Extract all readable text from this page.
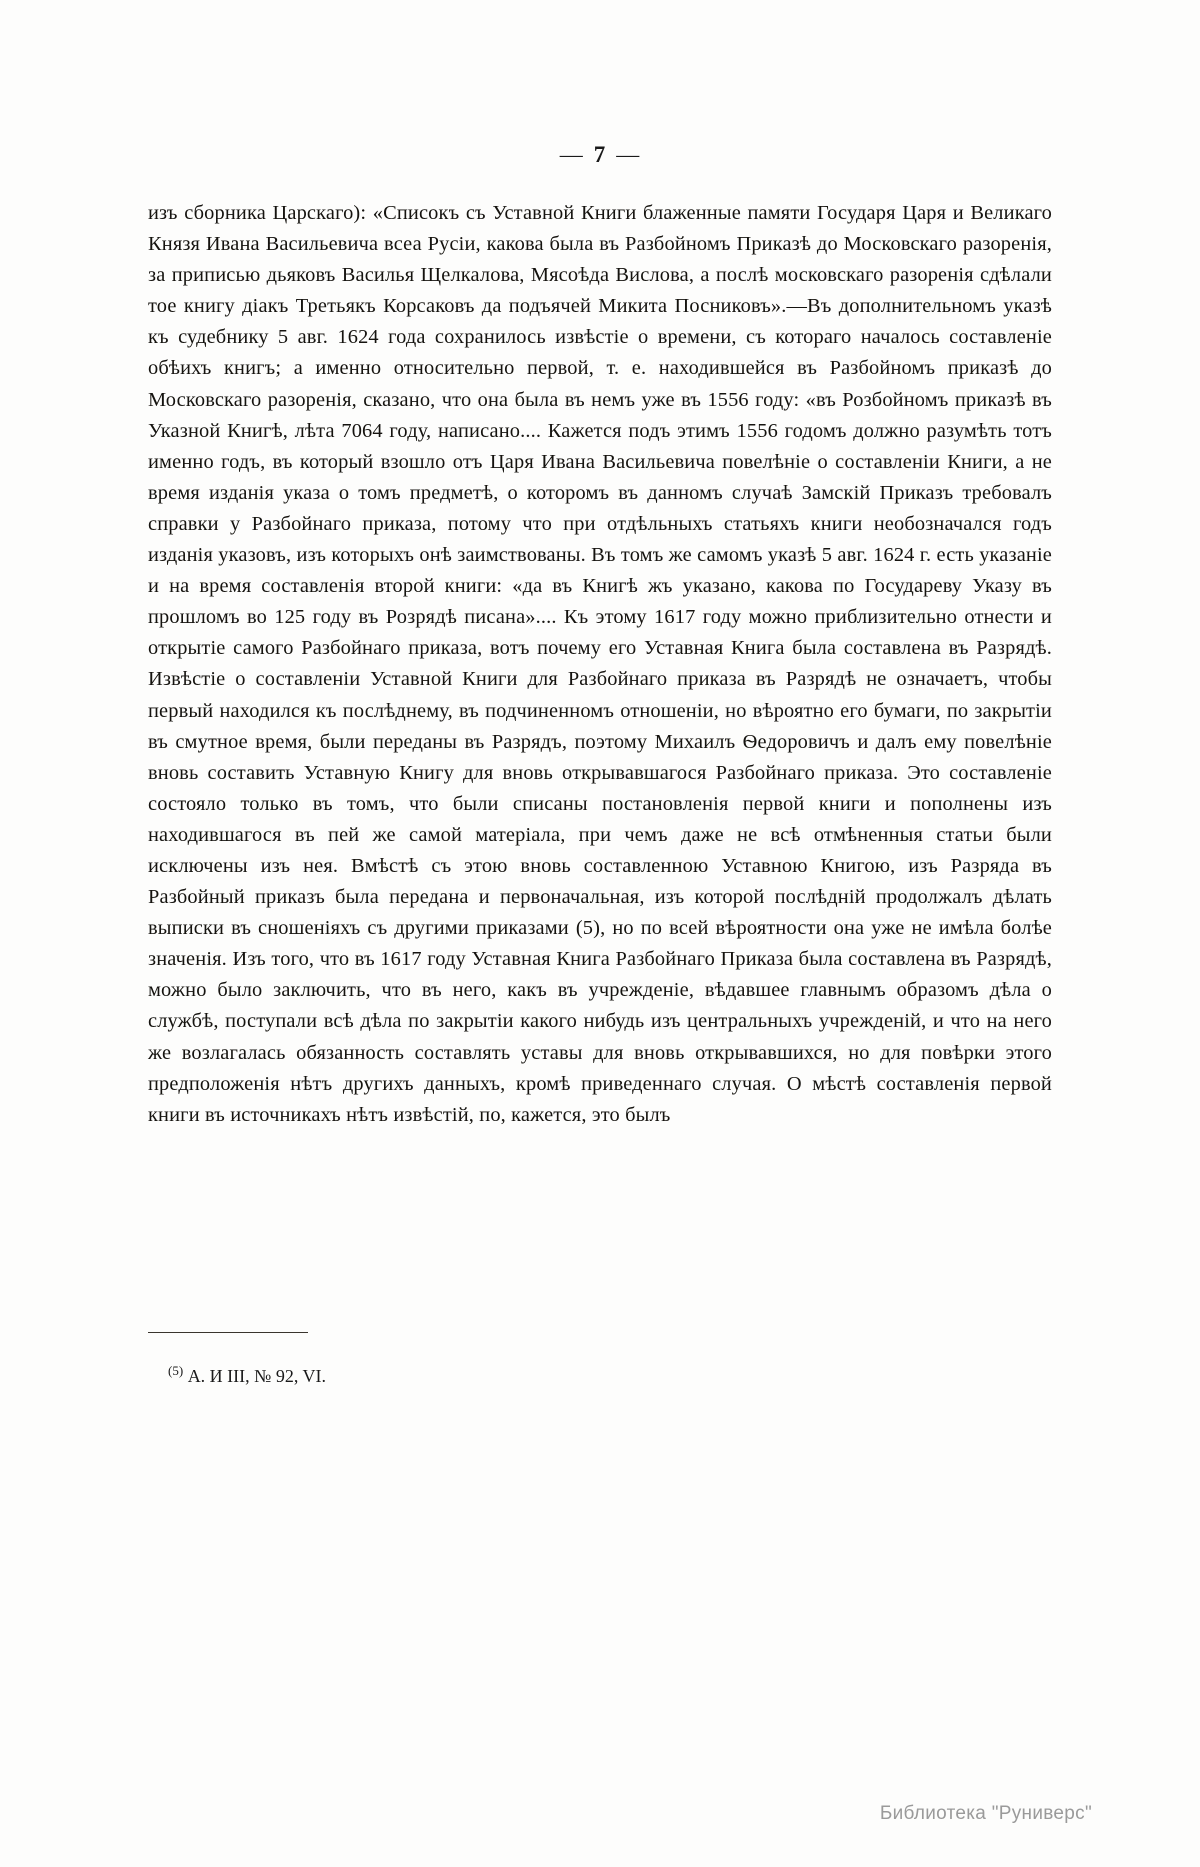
— 7 —

изъ сборника Царскаго): «Списокъ съ Уставной Книги блаженные памяти Государя Царя и Великаго Князя Ивана Васильевича всеа Русіи, какова была въ Разбойномъ Приказѣ до Московскаго разоренія, за приписью дьяковъ Василья Щелкалова, Мясоѣда Вислова, а послѣ московскаго разоренія сдѣлали тое книгу діакъ Третьякъ Корсаковъ да подъячей Микита Посниковъ».—Въ дополнительномъ указѣ къ судебнику 5 авг. 1624 года сохранилось извѣстіе о времени, съ котораго началось составленіе обѣихъ книгъ; а именно относительно первой, т. е. находившейся въ Разбойномъ приказѣ до Московскаго разоренія, сказано, что она была въ немъ уже въ 1556 году: «въ Розбойномъ приказѣ въ Указной Книгѣ, лѣта 7064 году, написано.... Кажется подъ этимъ 1556 годомъ должно разумѣть тотъ именно годъ, въ который взошло отъ Царя Ивана Васильевича повелѣніе о составленіи Книги, а не время изданія указа о томъ предметѣ, о которомъ въ данномъ случаѣ Замскій Приказъ требовалъ справки у Разбойнаго приказа, потому что при отдѣльныхъ статьяхъ книги необозначался годъ изданія указовъ, изъ которыхъ онѣ заимствованы. Въ томъ же самомъ указѣ 5 авг. 1624 г. есть указаніе и на время составленія второй книги: «да въ Книгѣ жъ указано, какова по Государеву Указу въ прошломъ во 125 году въ Розрядѣ писана».... Къ этому 1617 году можно приблизительно отнести и открытіе самого Разбойнаго приказа, вотъ почему его Уставная Книга была составлена въ Разрядѣ. Извѣстіе о составленіи Уставной Книги для Разбойнаго приказа въ Разрядѣ не означаетъ, чтобы первый находился къ послѣднему, въ подчиненномъ отношеніи, но вѣроятно его бумаги, по закрытіи въ смутное время, были переданы въ Разрядъ, поэтому Михаилъ Ѳедоровичъ и далъ ему повелѣніе вновь составить Уставную Книгу для вновь открывавшагося Разбойнаго приказа. Это составленіе состояло только въ томъ, что были списаны постановленія первой книги и пополнены изъ находившагося въ пей же самой матеріала, при чемъ даже не всѣ отмѣненныя статьи были исключены изъ нея. Вмѣстѣ съ этою вновь составленною Уставною Книгою, изъ Разряда въ Разбойный приказъ была передана и первоначальная, изъ которой послѣдній продолжалъ дѣлать выписки въ сношеніяхъ съ другими приказами (5), но по всей вѣроятности она уже не имѣла болѣе значенія. Изъ того, что въ 1617 году Уставная Книга Разбойнаго Приказа была составлена въ Разрядѣ, можно было заключить, что въ него, какъ въ учрежденіе, вѣдавшее главнымъ образомъ дѣла о службѣ, поступали всѣ дѣла по закрытіи какого нибудь изъ центральныхъ учрежденій, и что на него же возлагалась обязанность составлять уставы для вновь открывавшихся, но для повѣрки этого предположенія нѣтъ другихъ данныхъ, кромѣ приведеннаго случая. О мѣстѣ составленія первой книги въ источникахъ нѣтъ извѣстій, по, кажется, это былъ

$^{(5)}$ А. И III, № 92, VI.
Библиотека "Руниверс"
